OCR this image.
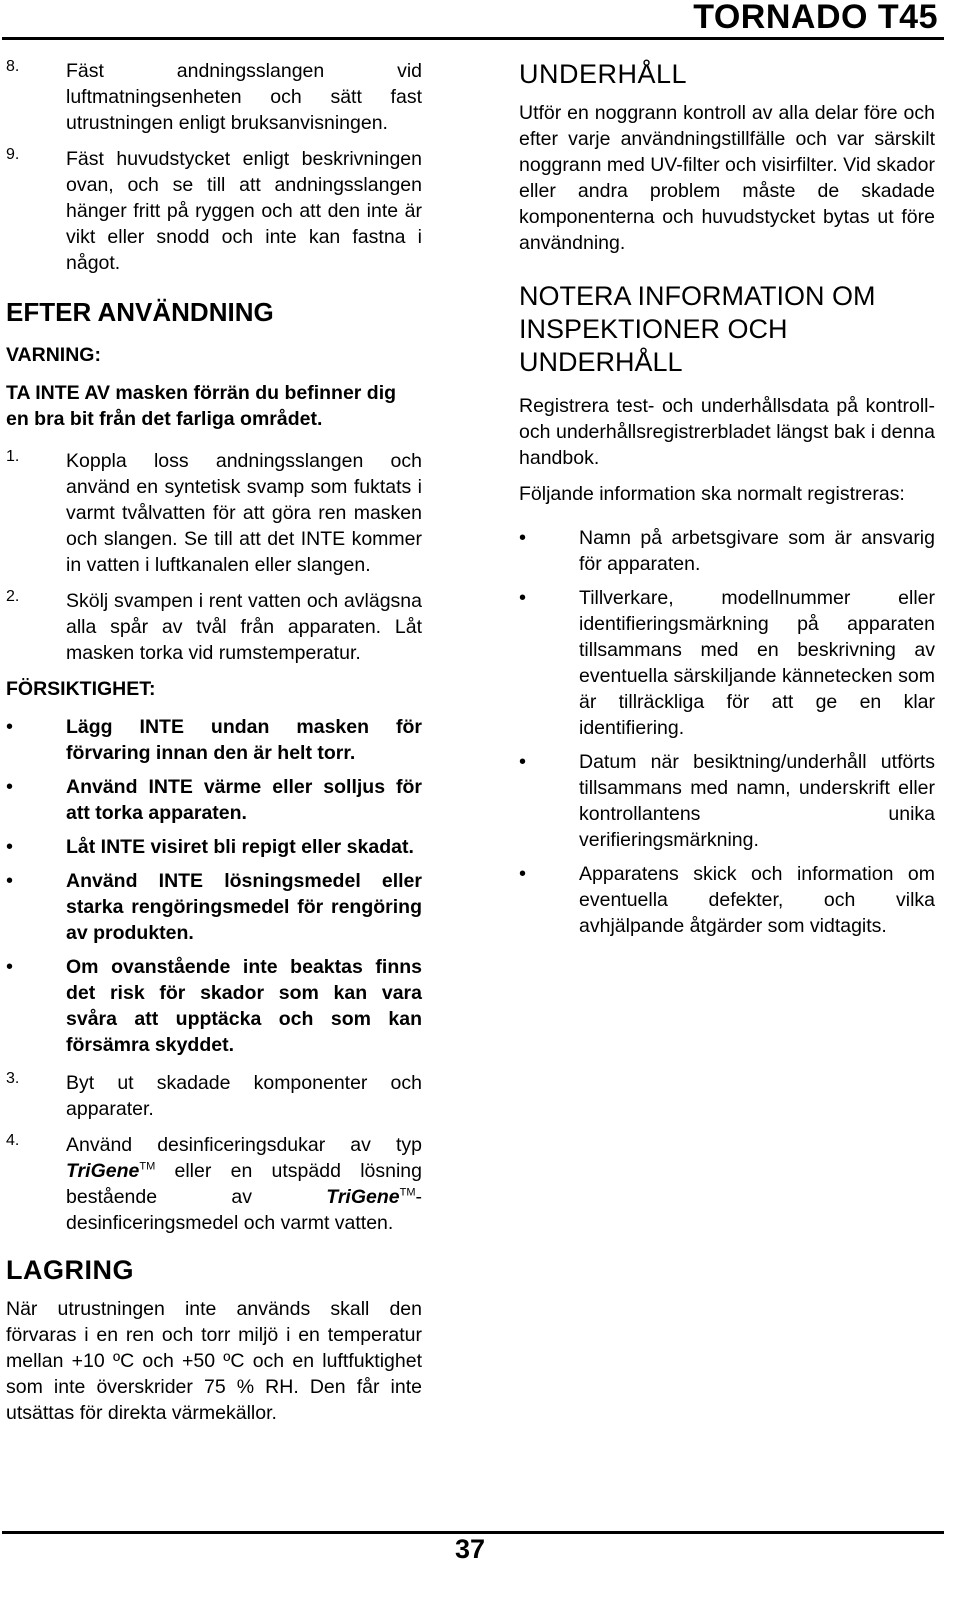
TORNADO T45
8.	Fäst andningsslangen vid luftmatningsenheten och sätt fast utrustningen enligt bruksanvisningen.

9.	Fäst huvudstycket enligt beskrivningen ovan, och se till att andningsslangen hänger fritt på ryggen och att den inte är vikt eller snodd och inte kan fastna i något.

EFTER ANVÄNDNING
VARNING:

TA INTE AV masken förrän du befinner dig en bra bit från det farliga området.

1.	Koppla loss andningsslangen och använd en syntetisk svamp som fuktats i varmt tvålvatten för att göra ren masken och slangen. Se till att det INTE kommer in vatten i luftkanalen eller slangen.

2.	Skölj svampen i rent vatten och avlägsna alla spår av tvål från apparaten. Låt masken torka vid rumstemperatur.

FÖRSIKTIGHET:
•	Lägg INTE undan masken för förvaring innan den är helt torr.
•	Använd INTE värme eller solljus för att torka apparaten.
•	Låt INTE visiret bli repigt eller skadat.
•	Använd INTE lösningsmedel eller starka rengöringsmedel för rengöring av produkten.
•	Om ovanstående inte beaktas finns det risk för skador som kan vara svåra att upptäcka och som kan försämra skyddet.
3.	Byt ut skadade komponenter och apparater.

4.	Använd desinficeringsdukar av typ TriGene™ eller en utspädd lösning bestående av TriGene™-desinficeringsmedel och varmt vatten.

LAGRING

När utrustningen inte används skall den förvaras i en ren och torr miljö i en temperatur mellan +10 ºC och +50 ºC och en luftfuktighet som inte överskrider 75 % RH. Den får inte utsättas för direkta värmekällor.

UNDERHÅLL

Utför en noggrann kontroll av alla delar före och efter varje användningstillfälle och var särskilt noggrann med UV-filter och visirfilter. Vid skador eller andra problem måste de skadade komponenterna och huvudstycket bytas ut före användning.

NOTERA INFORMATION OM INSPEKTIONER OCH UNDERHÅLL

Registrera test- och underhållsdata på kontroll- och underhållsregistrerbladet längst bak i denna handbok.

Följande information ska normalt registreras:

•	Namn på arbetsgivare som är ansvarig för apparaten.
•	Tillverkare, modellnummer eller identifieringsmärkning på apparaten tillsammans med en beskrivning av eventuella särskiljande kännetecken som är tillräckliga för att ge en klar identifiering.
•	Datum när besiktning/underhåll utförts tillsammans med namn, underskrift eller kontrollantens unika verifieringsmärkning.
•	Apparatens skick och information om eventuella defekter, och vilka avhjälpande åtgärder som vidtagits.

37
